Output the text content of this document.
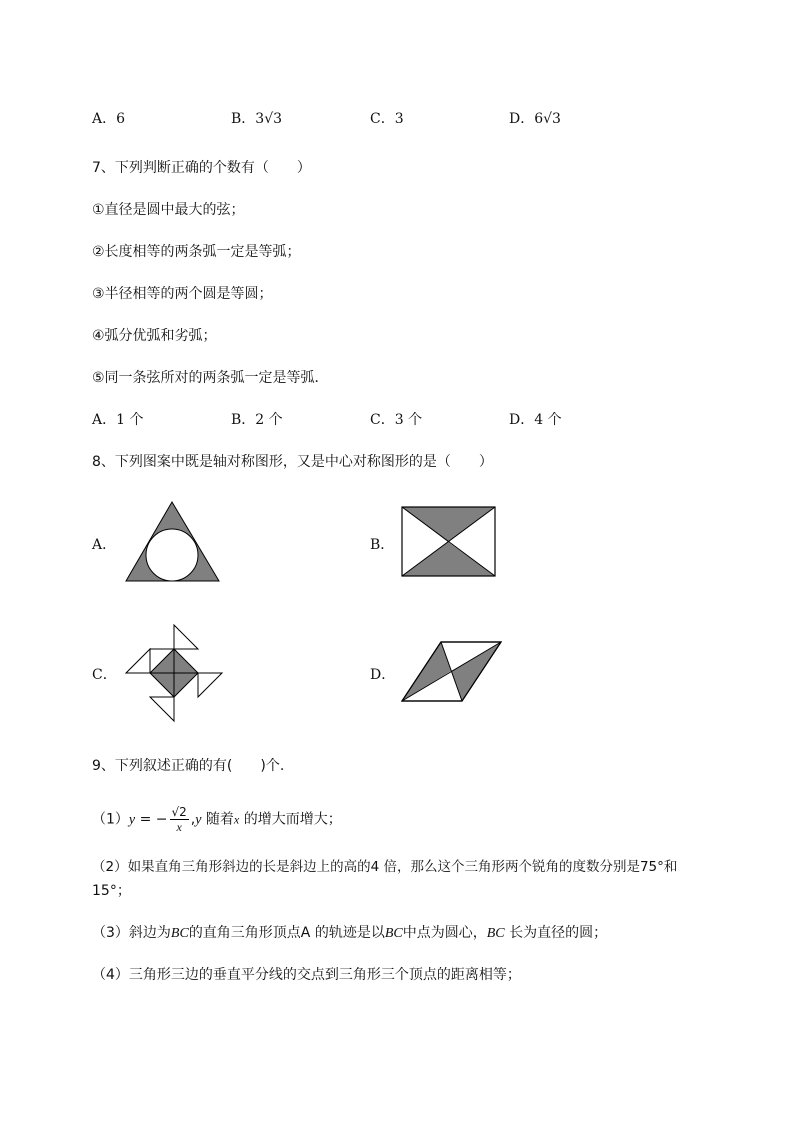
A．6	B．3√3	C．3	D．6√3
7、下列判断正确的个数有（　　）
①直径是圆中最大的弦；
②长度相等的两条弧一定是等弧；
③半径相等的两个圆是等圆；
④弧分优弧和劣弧；
⑤同一条弦所对的两条弧一定是等弧．
A．1 个	B．2 个	C．3 个	D．4 个
8、下列图案中既是轴对称图形，又是中心对称图形的是（　　）
A．	B．
C．	D．
9、下列叙述正确的有(　　)个.
（1）y = − $\frac{√2}{x} ,y$ 随着x 的增大而增大；
（2）如果直角三角形斜边的长是斜边上的高的4 倍，那么这个三角形两个锐角的度数分别是75°和
15°；
（3）斜边为BC的直角三角形顶点A 的轨迹是以BC中点为圆心，BC 长为直径的圆；
（4）三角形三边的垂直平分线的交点到三角形三个顶点的距离相等；
